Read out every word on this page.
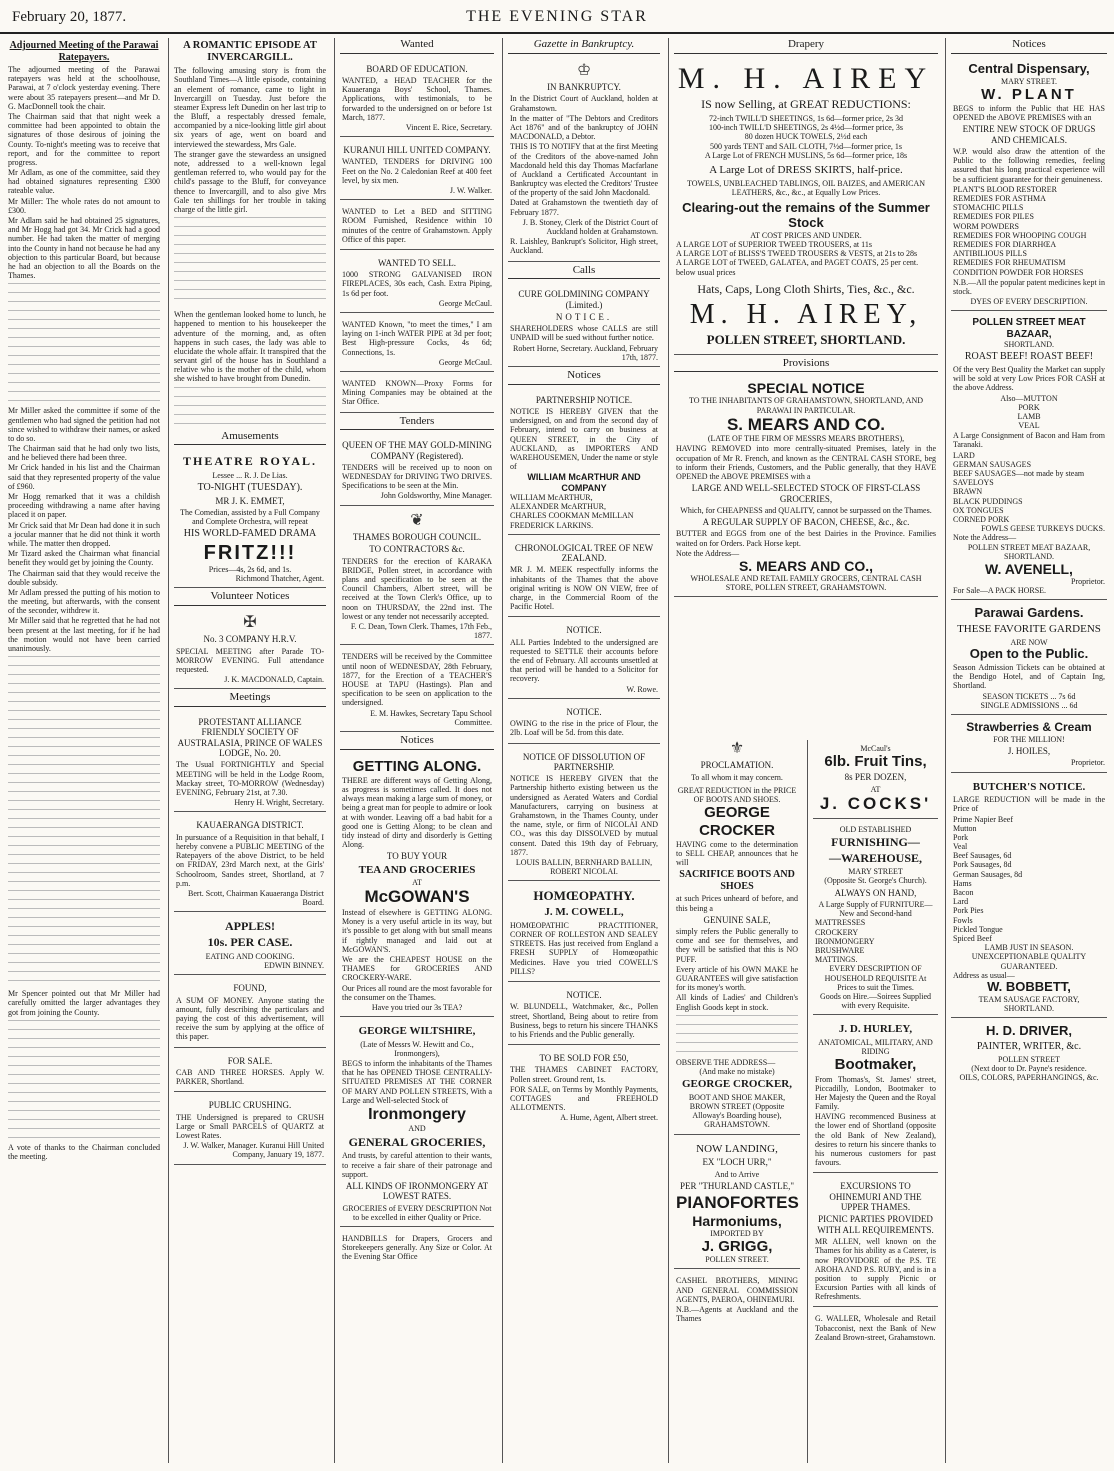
February 20, 1877.	THE EVENING STAR
Adjourned Meeting of the Parawai Ratepayers.

The adjourned meeting of the Parawai ratepayers was held at the schoolhouse, Parawai, at 7 o'clock yesterday evening. There were about 35 ratepayers present—and Mr D. G. MacDonnell took the chair.

The Chairman said that that night week a committee had been appointed to obtain the signatures of those desirous of joining the County. To-night's meeting was to receive that report, and for the committee to report progress.

Mr Adlam, as one of the committee, said they had obtained signatures representing £300 rateable value.

Mr Miller: The whole rates do not amount to £300.

Mr Adlam said he had obtained 25 signatures, and Mr Hogg had got 34. Mr Crick had a good number. He had taken the matter of merging into the County in hand not because he had any objection to this particular Board, but because he had an objection to all the Boards on the Thames.

Mr Miller asked the committee if some of the gentlemen who had signed the petition had not since wished to withdraw their names, or asked to do so.

The Chairman said that he had only two lists, and he believed there had been three.

Mr Crick handed in his list and the Chairman said that they represented property of the value of £960.

Mr Hogg remarked that it was a childish proceeding withdrawing a name after having placed it on paper.

Mr Crick said that Mr Dean had done it in such a jocular manner that he did not think it worth while. The matter then dropped.

Mr Tizard asked the Chairman what financial benefit they would get by joining the County.

The Chairman said that they would receive the double subsidy.

Mr Adlam pressed the putting of his motion to the meeting, but afterwards, with the consent of the seconder, withdrew it.

Mr Miller said that he regretted that he had not been present at the last meeting, for if he had the motion would not have been carried unanimously.

Mr Spencer pointed out that Mr Miller had carefully omitted the larger advantages they got from joining the County.

A vote of thanks to the Chairman concluded the meeting.

A ROMANTIC EPISODE AT INVERCARGILL.

The following amusing story is from the Southland Times—A little episode, containing an element of romance, came to light in Invercargill on Tuesday. Just before the steamer Express left Dunedin on her last trip to the Bluff, a respectably dressed female, accompanied by a nice-looking little girl about six years of age, went on board and interviewed the stewardess, Mrs Gale.

The stranger gave the stewardess an unsigned note, addressed to a well-known legal gentleman referred to, who would pay for the child's passage to the Bluff, for conveyance thence to Invercargill, and to also give Mrs Gale ten shillings for her trouble in taking charge of the little girl.

When the gentleman looked home to lunch, he happened to mention to his housekeeper the adventure of the morning, and, as often happens in such cases, the lady was able to elucidate the whole affair. It transpired that the servant girl of the house has in Southland a relative who is the mother of the child, whom she wished to have brought from Dunedin.

Amusements
THEATRE ROYAL.
Lessee ... R. J. De Lias.
TO-NIGHT (TUESDAY).
MR J. K. EMMET,
The Comedian, assisted by a Full Company and Complete Orchestra, will repeat
HIS WORLD-FAMED DRAMA
FRITZ!!!
Prices—4s, 2s 6d, and 1s.
Richmond Thatcher, Agent.
Volunteer Notices
✠
No. 3 COMPANY H.R.V.

SPECIAL MEETING after Parade TO-MORROW EVENING. Full attendance requested.

J. K. MACDONALD, Captain.
Meetings
PROTESTANT ALLIANCE FRIENDLY SOCIETY OF AUSTRALASIA, PRINCE OF WALES LODGE, No. 20.

The Usual FORTNIGHTLY and Special MEETING will be held in the Lodge Room, Mackay street, TO-MORROW (Wednesday) EVENING, February 21st, at 7.30.

Henry H. Wright, Secretary.
KAUAERANGA DISTRICT.

In pursuance of a Requisition in that behalf, I hereby convene a PUBLIC MEETING of the Ratepayers of the above District, to be held on FRIDAY, 23rd March next, at the Girls' Schoolroom, Sandes street, Shortland, at 7 p.m.

Bert. Scott, Chairman Kauaeranga District Board.
APPLES!
10s. PER CASE.
EATING AND COOKING.
EDWIN BINNEY.
FOUND,

A SUM OF MONEY. Anyone stating the amount, fully describing the particulars and paying the cost of this advertisement, will receive the sum by applying at the office of this paper.

FOR SALE.

CAB AND THREE HORSES. Apply W. PARKER, Shortland.

PUBLIC CRUSHING.

THE Undersigned is prepared to CRUSH Large or Small PARCELS of QUARTZ at Lowest Rates.

J. W. Walker, Manager. Kuranui Hill United Company, January 19, 1877.
Wanted
BOARD OF EDUCATION.

WANTED, a HEAD TEACHER for the Kauaeranga Boys' School, Thames. Applications, with testimonials, to be forwarded to the undersigned on or before 1st March, 1877.

Vincent E. Rice, Secretary.
KURANUI HILL UNITED COMPANY.

WANTED, TENDERS for DRIVING 100 Feet on the No. 2 Caledonian Reef at 400 feet level, by six men.

J. W. Walker.

WANTED to Let a BED and SITTING ROOM Furnished, Residence within 10 minutes of the centre of Grahamstown. Apply Office of this paper.

WANTED TO SELL.

1000 STRONG GALVANISED IRON FIREPLACES, 30s each, Cash. Extra Piping, 1s 6d per foot.

George McCaul.

WANTED Known, "to meet the times," I am laying on 1-inch WATER PIPE at 3d per foot; Best High-pressure Cocks, 4s 6d; Connections, 1s.

George McCaul.

WANTED KNOWN—Proxy Forms for Mining Companies may be obtained at the Star Office.

Tenders
QUEEN OF THE MAY GOLD-MINING COMPANY (Registered).

TENDERS will be received up to noon on WEDNESDAY for DRIVING TWO DRIVES. Specifications to be seen at the Min.

John Goldsworthy, Mine Manager.
❦
THAMES BOROUGH COUNCIL.
TO CONTRACTORS &c.

TENDERS for the erection of KARAKA BRIDGE, Pollen street, in accordance with plans and specification to be seen at the Council Chambers, Albert street, will be received at the Town Clerk's Office, up to noon on THURSDAY, the 22nd inst. The lowest or any tender not necessarily accepted.

F. C. Dean, Town Clerk. Thames, 17th Feb., 1877.

TENDERS will be received by the Committee until noon of WEDNESDAY, 28th February, 1877, for the Erection of a TEACHER'S HOUSE at TAPU (Hastings). Plan and specification to be seen on application to the undersigned.

E. M. Hawkes, Secretary Tapu School Committee.
Notices
GETTING ALONG.

THERE are different ways of Getting Along, as progress is sometimes called. It does not always mean making a large sum of money, or being a great man for people to admire or look at with wonder. Leaving off a bad habit for a good one is Getting Along; to be clean and tidy instead of dirty and disorderly is Getting Along.

TO BUY YOUR
TEA AND GROCERIES
AT
McGOWAN'S

Instead of elsewhere is GETTING ALONG. Money is a very useful article in its way, but it's possible to get along with but small means if rightly managed and laid out at McGOWAN'S.

We are the CHEAPEST HOUSE on the THAMES for GROCERIES AND CROCKERY-WARE.

Our Prices all round are the most favorable for the consumer on the Thames.

Have you tried our 3s TEA?
GEORGE WILTSHIRE,
(Late of Messrs W. Hewitt and Co., Ironmongers),

BEGS to inform the inhabitants of the Thames that he has OPENED THOSE CENTRALLY-SITUATED PREMISES AT THE CORNER OF MARY AND POLLEN STREETS, With a Large and Well-selected Stock of

Ironmongery
AND
GENERAL GROCERIES,

And trusts, by careful attention to their wants, to receive a fair share of their patronage and support.

ALL KINDS OF IRONMONGERY AT LOWEST RATES.
GROCERIES of EVERY DESCRIPTION Not to be excelled in either Quality or Price.

HANDBILLS for Drapers, Grocers and Storekeepers generally. Any Size or Color. At the Evening Star Office

Gazette in Bankruptcy.
♔
IN BANKRUPTCY.

In the District Court of Auckland, holden at Grahamstown.

In the matter of "The Debtors and Creditors Act 1876" and of the bankruptcy of JOHN MACDONALD, a Debtor.

THIS IS TO NOTIFY that at the first Meeting of the Creditors of the above-named John Macdonald held this day Thomas Macfarlane of Auckland a Certificated Accountant in Bankruptcy was elected the Creditors' Trustee of the property of the said John Macdonald.

Dated at Grahamstown the twentieth day of February 1877.

J. B. Stoney, Clerk of the District Court of Auckland holden at Grahamstown.

R. Laishley, Bankrupt's Solicitor, High street, Auckland.

Calls
CURE GOLDMINING COMPANY (Limited.)
NOTICE.

SHAREHOLDERS whose CALLS are still UNPAID will be sued without further notice.

Robert Horne, Secretary. Auckland, February 17th, 1877.
Notices
PARTNERSHIP NOTICE.

NOTICE IS HEREBY GIVEN that the undersigned, on and from the second day of February, intend to carry on business at QUEEN STREET, in the City of AUCKLAND, as IMPORTERS AND WAREHOUSEMEN, Under the name or style of

WILLIAM McARTHUR AND COMPANY
WILLIAM McARTHUR,
ALEXANDER McARTHUR,
CHARLES COOKMAN McMILLAN
FREDERICK LARKINS.
CHRONOLOGICAL TREE OF NEW ZEALAND.

MR J. M. MEEK respectfully informs the inhabitants of the Thames that the above original writing is NOW ON VIEW, free of charge, in the Commercial Room of the Pacific Hotel.

NOTICE.

ALL Parties Indebted to the undersigned are requested to SETTLE their accounts before the end of February. All accounts unsettled at that period will be handed to a Solicitor for recovery.

W. Rowe.
NOTICE.

OWING to the rise in the price of Flour, the 2lb. Loaf will be 5d. from this date.

NOTICE OF DISSOLUTION OF PARTNERSHIP.

NOTICE IS HEREBY GIVEN that the Partnership hitherto existing between us the undersigned as Aerated Waters and Cordial Manufacturers, carrying on business at Grahamstown, in the Thames County, under the name, style, or firm of NICOLAI AND CO., was this day DISSOLVED by mutual consent. Dated this 19th day of February, 1877.

LOUIS BALLIN, BERNHARD BALLIN, ROBERT NICOLAI.
HOMŒOPATHY.
J. M. COWELL,

HOMŒOPATHIC PRACTITIONER, CORNER OF ROLLESTON AND SEALEY STREETS. Has just received from England a FRESH SUPPLY of Homœopathic Medicines. Have you tried COWELL'S PILLS?

NOTICE.

W. BLUNDELL, Watchmaker, &c., Pollen street, Shortland, Being about to retire from Business, begs to return his sincere THANKS to his Friends and the Public generally.

TO BE SOLD FOR £50,

THE THAMES CABINET FACTORY, Pollen street. Ground rent, 1s.

FOR SALE, on Terms by Monthly Payments, COTTAGES and FREEHOLD ALLOTMENTS.

A. Hume, Agent, Albert street.
Drapery
M. H. AIREY
IS now Selling, at GREAT REDUCTIONS:
72-inch TWILL'D SHEETINGS, 1s 6d—former price, 2s 3d
100-inch TWILL'D SHEETINGS, 2s 4½d—former price, 3s
80 dozen HUCK TOWELS, 2½d each
500 yards TENT and SAIL CLOTH, 7½d—former price, 1s
A Large Lot of FRENCH MUSLINS, 5s 6d—former price, 18s
A Large Lot of DRESS SKIRTS, half-price.
TOWELS, UNBLEACHED TABLINGS, OIL BAIZES, and AMERICAN LEATHERS, &c., &c., at Equally Low Prices.
Clearing-out the remains of the Summer Stock
AT COST PRICES AND UNDER.
A LARGE LOT of SUPERIOR TWEED TROUSERS, at 11s
A LARGE LOT of BLISS'S TWEED TROUSERS & VESTS, at 21s to 28s
A LARGE LOT of TWEED, GALATEA, and PAGET COATS, 25 per cent. below usual prices
Hats, Caps, Long Cloth Shirts, Ties, &c., &c.
M. H. AIREY,
POLLEN STREET, SHORTLAND.
Provisions
SPECIAL NOTICE
TO THE INHABITANTS OF GRAHAMSTOWN, SHORTLAND, AND PARAWAI IN PARTICULAR.
S. MEARS AND CO.
(LATE OF THE FIRM OF MESSRS MEARS BROTHERS),

HAVING REMOVED into more centrally-situated Premises, lately in the occupation of Mr R. French, and known as the CENTRAL CASH STORE, beg to inform their Friends, Customers, and the Public generally, that they HAVE OPENED the ABOVE PREMISES with a

LARGE AND WELL-SELECTED STOCK OF FIRST-CLASS GROCERIES,
Which, for CHEAPNESS and QUALITY, cannot be surpassed on the Thames.
A REGULAR SUPPLY OF BACON, CHEESE, &c., &c.

BUTTER and EGGS from one of the best Dairies in the Province. Families waited on for Orders. Pack Horse kept.

Note the Address—
S. MEARS AND CO.,
WHOLESALE AND RETAIL FAMILY GROCERS, CENTRAL CASH STORE, POLLEN STREET, GRAHAMSTOWN.
⚜
PROCLAMATION.
To all whom it may concern.
GREAT REDUCTION in the PRICE OF BOOTS AND SHOES.
GEORGE CROCKER

HAVING come to the determination to SELL CHEAP, announces that he will

SACRIFICE BOOTS AND SHOES

at such Prices unheard of before, and this being a

GENUINE SALE,

simply refers the Public generally to come and see for themselves, and they will be satisfied that this is NO PUFF.

Every article of his OWN MAKE he GUARANTEES will give satisfaction for its money's worth.

All kinds of Ladies' and Children's English Goods kept in stock.

OBSERVE THE ADDRESS—
(And make no mistake)
GEORGE CROCKER,
BOOT AND SHOE MAKER, BROWN STREET (Opposite Alloway's Boarding house), GRAHAMSTOWN.
NOW LANDING,
EX "LOCH URR,"
And to Arrive
PER "THURLAND CASTLE,"
PIANOFORTES
Harmoniums,
IMPORTED BY
J. GRIGG,
POLLEN STREET.

CASHEL BROTHERS, MINING AND GENERAL COMMISSION AGENTS, PAEROA, OHINEMURI.

N.B.—Agents at Auckland and the Thames

McCaul's
6lb. Fruit Tins,
8s PER DOZEN,
AT
J. COCKS'
OLD ESTABLISHED
FURNISHING—
—WAREHOUSE,
MARY STREET
(Opposite St. George's Church).
ALWAYS ON HAND,
A Large Supply of FURNITURE—New and Second-hand
MATTRESSES
CROCKERY
IRONMONGERY
BRUSHWARE
MATTINGS.
EVERY DESCRIPTION OF HOUSEHOLD REQUISITE At Prices to suit the Times.
Goods on Hire.—Soirees Supplied with every Requisite.
J. D. HURLEY,
ANATOMICAL, MILITARY, AND RIDING
Bootmaker,

From Thomas's, St. James' street, Piccadilly, London, Bootmaker to Her Majesty the Queen and the Royal Family.

HAVING recommenced Business at the lower end of Shortland (opposite the old Bank of New Zealand), desires to return his sincere thanks to his numerous customers for past favours.

EXCURSIONS TO OHINEMURI AND THE UPPER THAMES.
PICNIC PARTIES PROVIDED WITH ALL REQUIREMENTS.

MR ALLEN, well known on the Thames for his ability as a Caterer, is now PROVIDORE of the P.S. TE AROHA AND P.S. RUBY, and is in a position to supply Picnic or Excursion Parties with all kinds of Refreshments.

G. WALLER, Wholesale and Retail Tobacconist, next the Bank of New Zealand Brown-street, Grahamstown.

Notices
Central Dispensary,
MARY STREET.
W. PLANT

BEGS to inform the Public that HE HAS OPENED the ABOVE PREMISES with an

ENTIRE NEW STOCK OF DRUGS AND CHEMICALS.

W.P. would also draw the attention of the Public to the following remedies, feeling assured that his long practical experience will be a sufficient guarantee for their genuineness.

PLANT'S BLOOD RESTORER
REMEDIES FOR ASTHMA
STOMACHIC PILLS
REMEDIES FOR PILES
WORM POWDERS
REMEDIES FOR WHOOPING COUGH
REMEDIES FOR DIARRHŒA
ANTIBILIOUS PILLS
REMEDIES FOR RHEUMATISM
CONDITION POWDER FOR HORSES

N.B.—All the popular patent medicines kept in stock.

DYES OF EVERY DESCRIPTION.
POLLEN STREET MEAT BAZAAR,
SHORTLAND.
ROAST BEEF! ROAST BEEF!

Of the very Best Quality the Market can supply will be sold at very Low Prices FOR CASH at the above Address.

Also—MUTTON
PORK
LAMB
VEAL

A Large Consignment of Bacon and Ham from Taranaki.

LARD
GERMAN SAUSAGES
BEEF SAUSAGES—not made by steam
SAVELOYS
BRAWN
BLACK PUDDINGS
OX TONGUES
CORNED PORK
FOWLS GEESE TURKEYS DUCKS.
Note the Address—
POLLEN STREET MEAT BAZAAR, SHORTLAND.
W. AVENELL,
Proprietor.
For Sale—A PACK HORSE.
Parawai Gardens.
THESE FAVORITE GARDENS
ARE NOW
Open to the Public.

Season Admission Tickets can be obtained at the Bendigo Hotel, and of Captain Ing, Shortland.

SEASON TICKETS ... 7s 6d
SINGLE ADMISSIONS ... 6d
Strawberries & Cream
FOR THE MILLION!
J. HOILES,
Proprietor.
BUTCHER'S NOTICE.

LARGE REDUCTION will be made in the Price of

Prime Napier Beef
Mutton
Pork
Veal
Beef Sausages, 6d
Pork Sausages, 8d
German Sausages, 8d
Hams
Bacon
Lard
Pork Pies
Fowls
Pickled Tongue
Spiced Beef
LAMB JUST IN SEASON.
UNEXCEPTIONABLE QUALITY GUARANTEED.
Address as usual—
W. BOBBETT,
TEAM SAUSAGE FACTORY,
SHORTLAND.
H. D. DRIVER,
PAINTER, WRITER, &c.
POLLEN STREET
(Next door to Dr. Payne's residence.
OILS, COLORS, PAPERHANGINGS, &c.
